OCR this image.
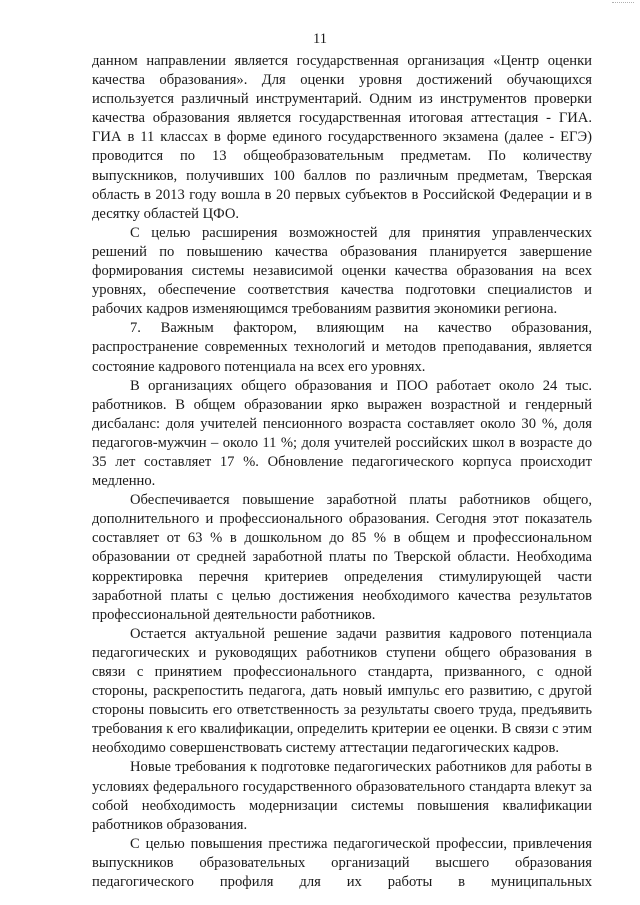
11

данном направлении является государственная организация «Центр оценки качества образования». Для оценки уровня достижений обучающихся используется различный инструментарий. Одним из инструментов проверки качества образования является государственная итоговая аттестация - ГИА. ГИА в 11 классах в форме единого государственного экзамена (далее - ЕГЭ) проводится по 13 общеобразовательным предметам. По количеству выпускников, получивших 100 баллов по различным предметам, Тверская область в 2013 году вошла в 20 первых субъектов в Российской Федерации и в десятку областей ЦФО.

С целью расширения возможностей для принятия управленческих решений по повышению качества образования планируется завершение формирования системы независимой оценки качества образования на всех уровнях, обеспечение соответствия качества подготовки специалистов и рабочих кадров изменяющимся требованиям развития экономики региона.

7. Важным фактором, влияющим на качество образования, распространение современных технологий и методов преподавания, является состояние кадрового потенциала на всех его уровнях.

В организациях общего образования и ПОО работает около 24 тыс. работников. В общем образовании ярко выражен возрастной и гендерный дисбаланс: доля учителей пенсионного возраста составляет около 30 %, доля педагогов-мужчин – около 11 %; доля учителей российских школ в возрасте до 35 лет составляет 17 %. Обновление педагогического корпуса происходит медленно.

Обеспечивается повышение заработной платы работников общего, дополнительного и профессионального образования. Сегодня этот показатель составляет от 63 % в дошкольном до 85 % в общем и профессиональном образовании от средней заработной платы по Тверской области. Необходима корректировка перечня критериев определения стимулирующей части заработной платы с целью достижения необходимого качества результатов профессиональной деятельности работников.

Остается актуальной решение задачи развития кадрового потенциала педагогических и руководящих работников ступени общего образования в связи с принятием профессионального стандарта, призванного, с одной стороны, раскрепостить педагога, дать новый импульс его развитию, с другой стороны повысить его ответственность за результаты своего труда, предъявить требования к его квалификации, определить критерии ее оценки. В связи с этим необходимо совершенствовать систему аттестации педагогических кадров.

Новые требования к подготовке педагогических работников для работы в условиях федерального государственного образовательного стандарта влекут за собой необходимость модернизации системы повышения квалификации работников образования.

С целью повышения престижа педагогической профессии, привлечения выпускников образовательных организаций высшего образования педагогического профиля для их работы в муниципальных
